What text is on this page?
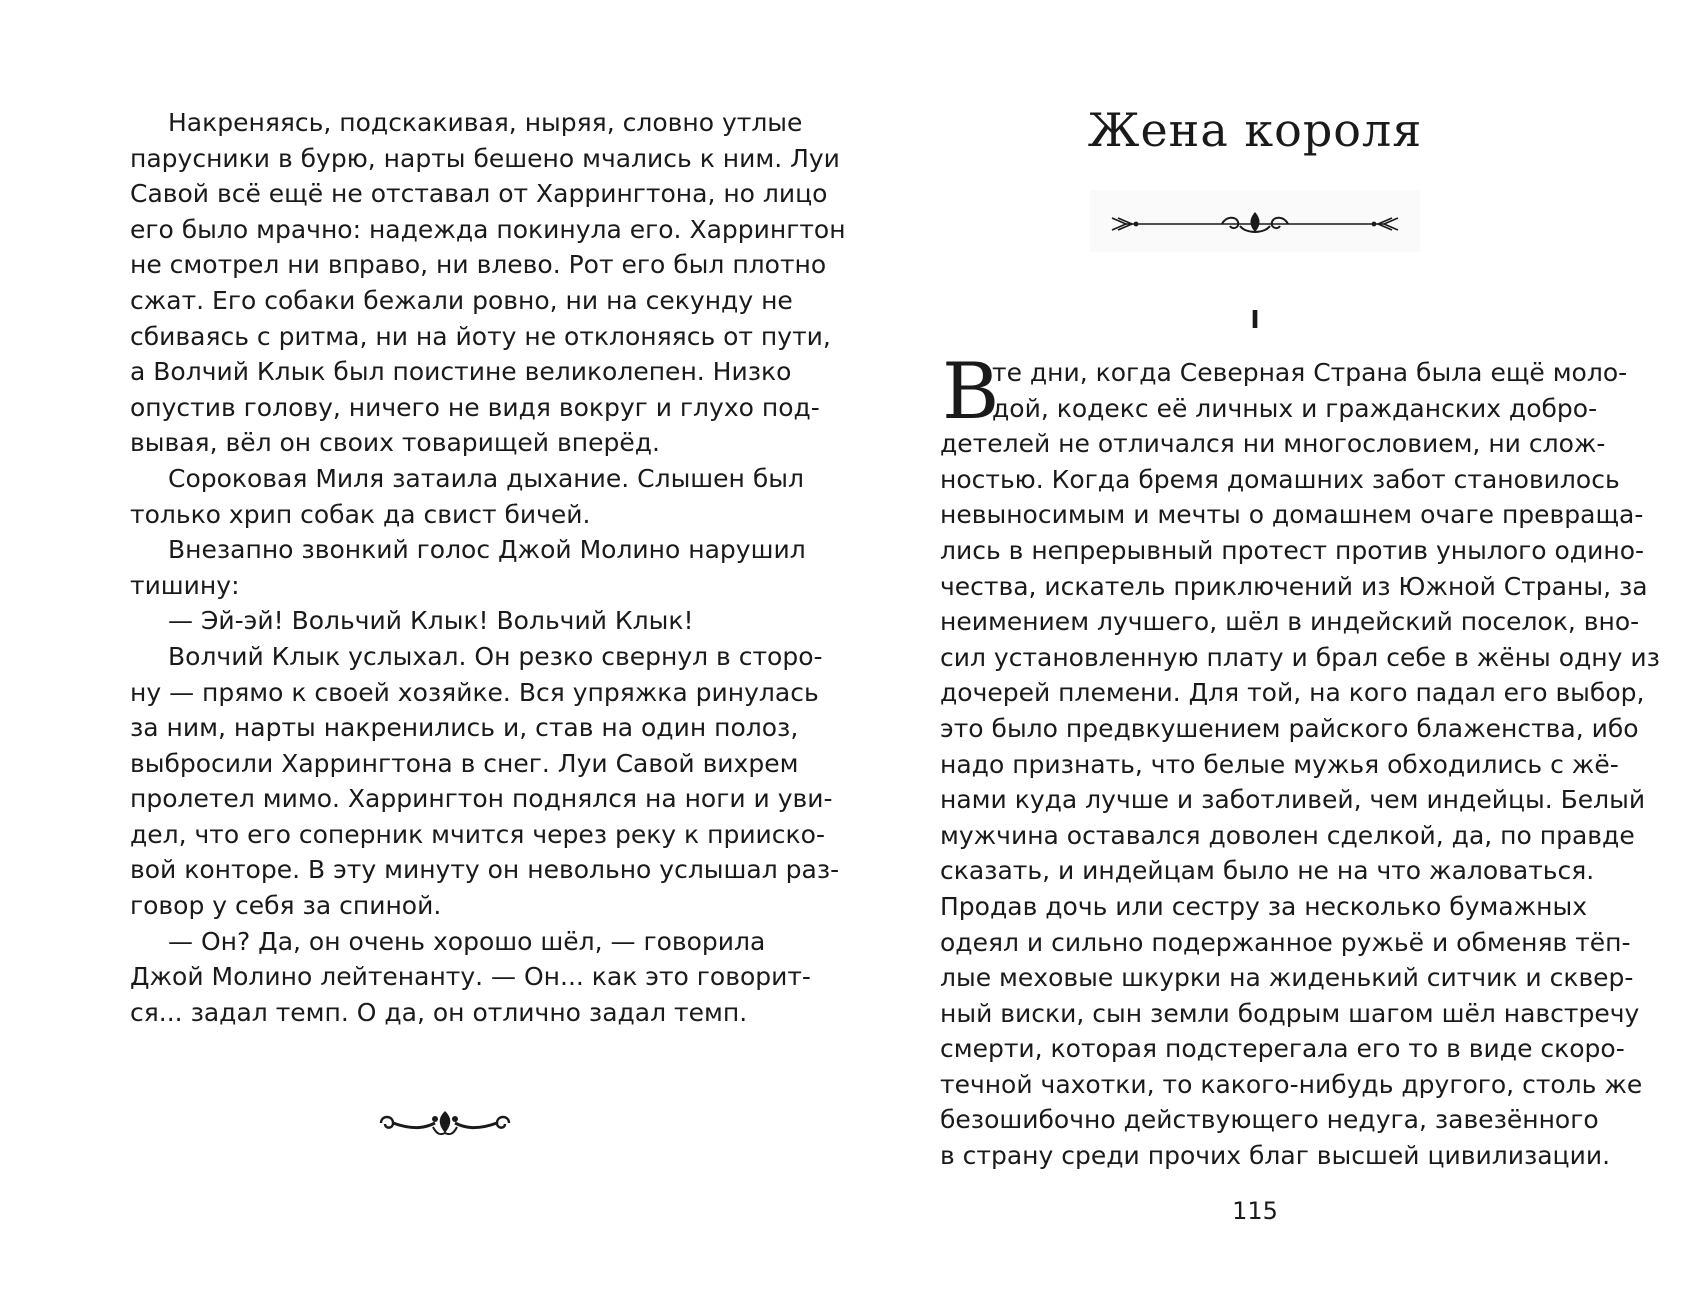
Накреняясь, подскакивая, ныряя, словно утлые
парусники в бурю, нарты бешено мчались к ним. Луи
Савой всё ещё не отставал от Харрингтона, но лицо
его было мрачно: надежда покинула его. Харрингтон
не смотрел ни вправо, ни влево. Рот его был плотно
сжат. Его собаки бежали ровно, ни на секунду не
сбиваясь с ритма, ни на йоту не отклоняясь от пути,
а Волчий Клык был поистине великолепен. Низко
опустив голову, ничего не видя вокруг и глухо под-
вывая, вёл он своих товарищей вперёд.
Сороковая Миля затаила дыхание. Слышен был
только хрип собак да свист бичей.
Внезапно звонкий голос Джой Молино нарушил
тишину:
— Эй-эй! Вольчий Клык! Вольчий Клык!
Волчий Клык услыхал. Он резко свернул в сторо-
ну — прямо к своей хозяйке. Вся упряжка ринулась
за ним, нарты накренились и, став на один полоз,
выбросили Харрингтона в снег. Луи Савой вихрем
пролетел мимо. Харрингтон поднялся на ноги и уви-
дел, что его соперник мчится через реку к прииско-
вой конторе. В эту минуту он невольно услышал раз-
говор у себя за спиной.
— Он? Да, он очень хорошо шёл, — говорила
Джой Молино лейтенанту. — Он... как это говорит-
ся... задал темп. О да, он отлично задал темп.
Жена короля
I
В
те дни, когда Северная Страна была ещё моло-
дой, кодекс её личных и гражданских добро-
детелей не отличался ни многословием, ни слож-
ностью. Когда бремя домашних забот становилось
невыносимым и мечты о домашнем очаге превраща-
лись в непрерывный протест против унылого одино-
чества, искатель приключений из Южной Страны, за
неимением лучшего, шёл в индейский поселок, вно-
сил установленную плату и брал себе в жёны одну из
дочерей племени. Для той, на кого падал его выбор,
это было предвкушением райского блаженства, ибо
надо признать, что белые мужья обходились с жё-
нами куда лучше и заботливей, чем индейцы. Белый
мужчина оставался доволен сделкой, да, по правде
сказать, и индейцам было не на что жаловаться.
Продав дочь или сестру за несколько бумажных
одеял и сильно подержанное ружьё и обменяв тёп-
лые меховые шкурки на жиденький ситчик и сквер-
ный виски, сын земли бодрым шагом шёл навстречу
смерти, которая подстерегала его то в виде скоро-
течной чахотки, то какого-нибудь другого, столь же
безошибочно действующего недуга, завезённого
в страну среди прочих благ высшей цивилизации.
115
